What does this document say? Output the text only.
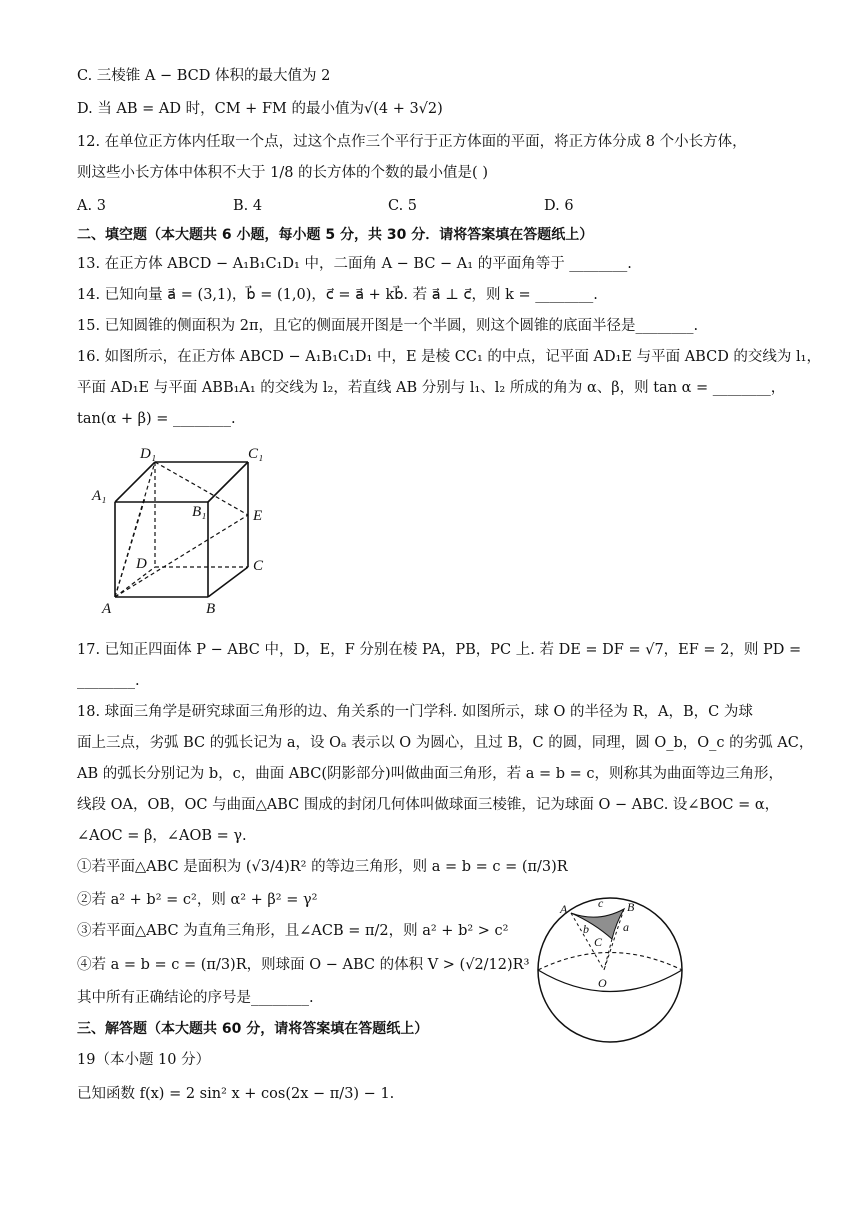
C. 三棱锥 A − BCD 体积的最大值为 2
D. 当 AB = AD 时，CM + FM 的最小值为√(4 + 3√2)
12. 在单位正方体内任取一个点，过这个点作三个平行于正方体面的平面，将正方体分成 8 个小长方体，
则这些小长方体中体积不大于 1/8 的长方体的个数的最小值是( )
A. 3	B. 4	C. 5	D. 6
二、填空题（本大题共 6 小题，每小题 5 分，共 30 分．请将答案填在答题纸上）
13. 在正方体 ABCD − A₁B₁C₁D₁ 中，二面角 A − BC − A₁ 的平面角等于 ________.
14. 已知向量 a⃗ = (3,1)，b⃗ = (1,0)，c⃗ = a⃗ + kb⃗. 若 a⃗ ⊥ c⃗，则 k = ________.
15. 已知圆锥的侧面积为 2π，且它的侧面展开图是一个半圆，则这个圆锥的底面半径是________.
16. 如图所示，在正方体 ABCD − A₁B₁C₁D₁ 中，E 是棱 CC₁ 的中点，记平面 AD₁E 与平面 ABCD 的交线为 l₁，
平面 AD₁E 与平面 ABB₁A₁ 的交线为 l₂，若直线 AB 分别与 l₁、l₂ 所成的角为 α、β，则 tan α = ________，
tan(α + β) = ________.
D₁	C₁
A₁
B₁	E
D	C
A	B
17. 已知正四面体 P − ABC 中，D，E，F 分别在棱 PA，PB，PC 上. 若 DE = DF = √7，EF = 2，则 PD =
________.
18. 球面三角学是研究球面三角形的边、角关系的一门学科. 如图所示，球 O 的半径为 R，A，B，C 为球
面上三点，劣弧 BC 的弧长记为 a，设 Oₐ 表示以 O 为圆心，且过 B，C 的圆，同理，圆 O_b，O_c 的劣弧 AC，
AB 的弧长分别记为 b，c，曲面 ABC(阴影部分)叫做曲面三角形，若 a = b = c，则称其为曲面等边三角形，
线段 OA，OB，OC 与曲面△ABC 围成的封闭几何体叫做球面三棱锥，记为球面 O − ABC. 设∠BOC = α，
∠AOC = β，∠AOB = γ.
①若平面△ABC 是面积为 (√3/4)R² 的等边三角形，则 a = b = c = (π/3)R
②若 a² + b² = c²，则 α² + β² = γ²
③若平面△ABC 为直角三角形，且∠ACB = π/2，则 a² + b² > c²
④若 a = b = c = (π/3)R，则球面 O − ABC 的体积 V > (√2/12)R³
其中所有正确结论的序号是________.
A	B
c
b	a
C
O
三、解答题（本大题共 60 分，请将答案填在答题纸上）
19（本小题 10 分）
已知函数 f(x) = 2 sin² x + cos(2x − π/3) − 1.
